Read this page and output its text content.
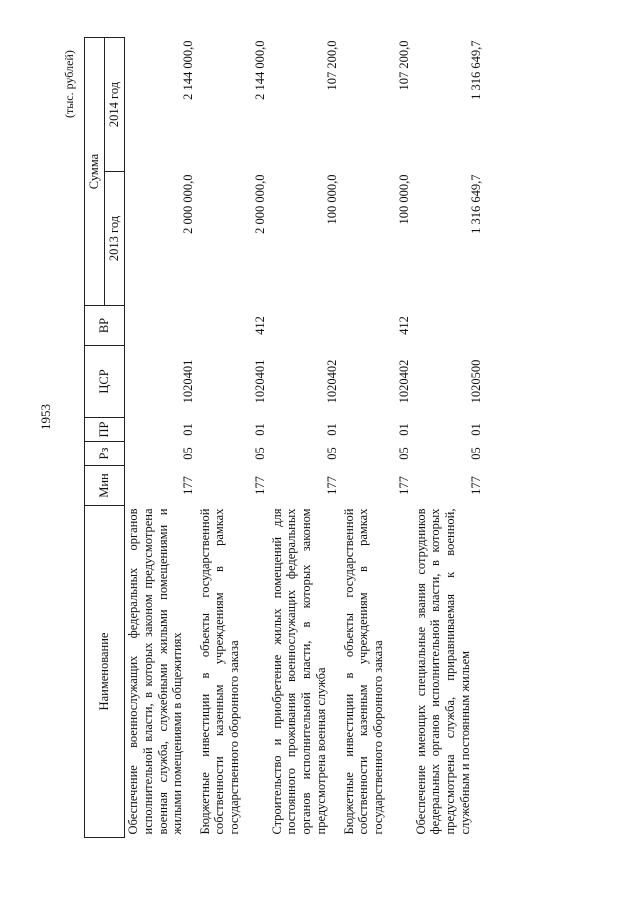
1953
(тыс. рублей)
Наименование	Мин	Рз	ПР	ЦСР	ВР	Сумма	
						2013 год	2014 год
Обеспечение военнослужащих федеральных органов исполнительной власти, в которых законом предусмотрена военная служба, служебными жилыми помещениями и жилыми помещениями в общежитиях	177	05	01	1020401		2 000 000,0	2 144 000,0
Бюджетные инвестиции в объекты государственной собственности казенным учреждениям в рамках государственного оборонного заказа	177	05	01	1020401	412	2 000 000,0	2 144 000,0
Строительство и приобретение жилых помещений для постоянного проживания военнослужащих федеральных органов исполнительной власти, в которых законом предусмотрена военная служба	177	05	01	1020402		100 000,0	107 200,0
Бюджетные инвестиции в объекты государственной собственности казенным учреждениям в рамках государственного оборонного заказа	177	05	01	1020402	412	100 000,0	107 200,0
Обеспечение имеющих специальные звания сотрудников федеральных органов исполнительной власти, в которых предусмотрена служба, приравниваемая к военной, служебным и постоянным жильем	177	05	01	1020500		1 316 649,7	1 316 649,7
